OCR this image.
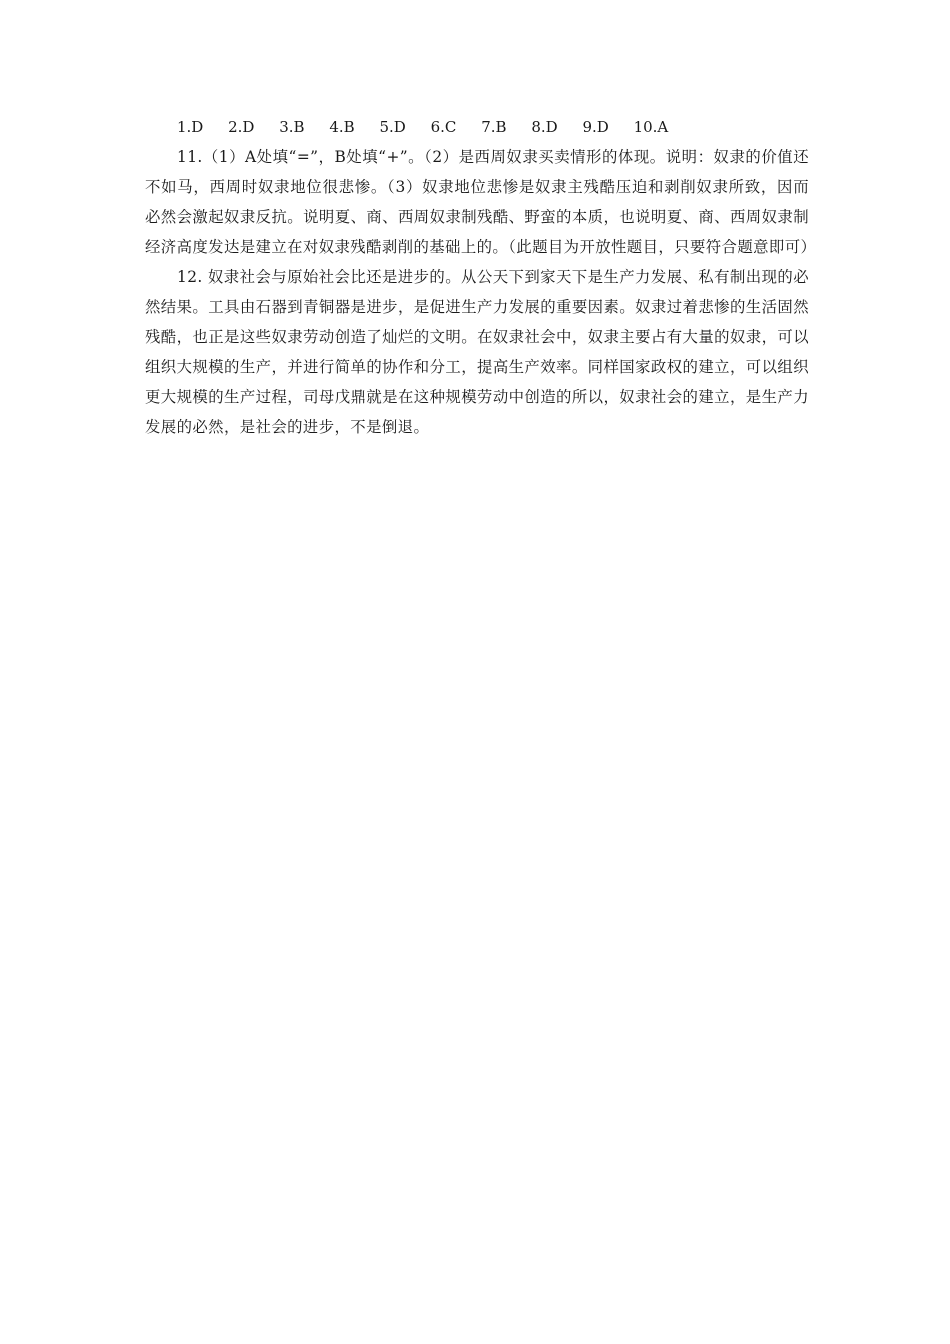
1.D 2.D 3.B 4.B 5.D 6.C 7.B 8.D 9.D 10.A

11.（1）A处填“=”，B处填“+”。（2）是西周奴隶买卖情形的体现。说明：奴隶的价值还不如马，西周时奴隶地位很悲惨。（3）奴隶地位悲惨是奴隶主残酷压迫和剥削奴隶所致，因而必然会激起奴隶反抗。说明夏、商、西周奴隶制残酷、野蛮的本质，也说明夏、商、西周奴隶制经济高度发达是建立在对奴隶残酷剥削的基础上的。（此题目为开放性题目，只要符合题意即可）

12. 奴隶社会与原始社会比还是进步的。从公天下到家天下是生产力发展、私有制出现的必然结果。工具由石器到青铜器是进步，是促进生产力发展的重要因素。奴隶过着悲惨的生活固然残酷，也正是这些奴隶劳动创造了灿烂的文明。在奴隶社会中，奴隶主要占有大量的奴隶，可以组织大规模的生产，并进行简单的协作和分工，提高生产效率。同样国家政权的建立，可以组织更大规模的生产过程，司母戊鼎就是在这种规模劳动中创造的所以，奴隶社会的建立，是生产力发展的必然，是社会的进步，不是倒退。
